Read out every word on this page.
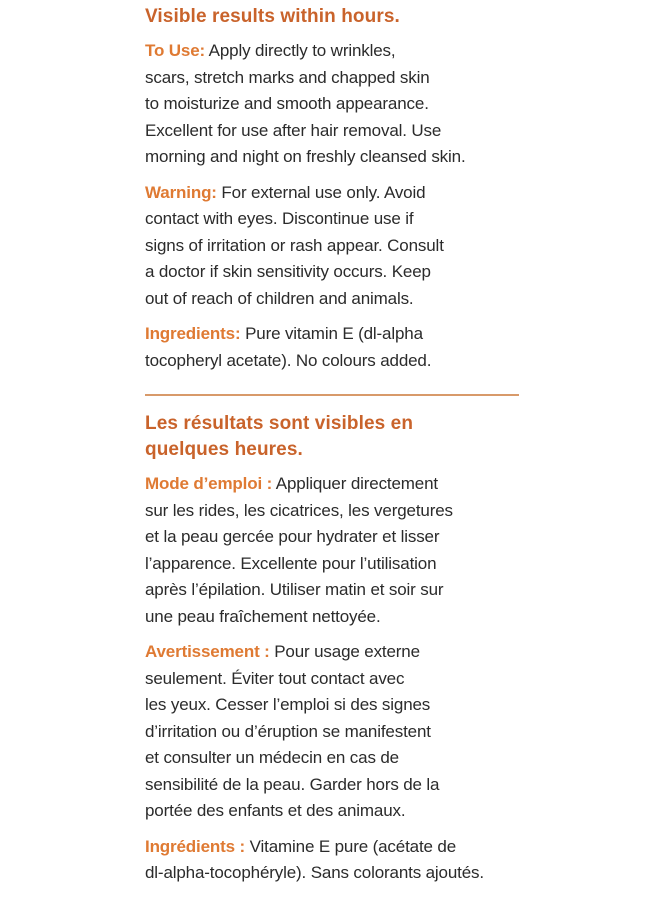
Visible results within hours.

To Use: Apply directly to wrinkles,
scars, stretch marks and chapped skin
to moisturize and smooth appearance.
Excellent for use after hair removal. Use
morning and night on freshly cleansed skin.

Warning: For external use only. Avoid
contact with eyes. Discontinue use if
signs of irritation or rash appear. Consult
a doctor if skin sensitivity occurs. Keep
out of reach of children and animals.

Ingredients: Pure vitamin E (dl-alpha
tocopheryl acetate). No colours added.

Les résultats sont visibles en
quelques heures.

Mode d’emploi : Appliquer directement
sur les rides, les cicatrices, les vergetures
et la peau gercée pour hydrater et lisser
l’apparence. Excellente pour l’utilisation
après l’épilation. Utiliser matin et soir sur
une peau fraîchement nettoyée.

Avertissement : Pour usage externe
seulement. Éviter tout contact avec
les yeux. Cesser l’emploi si des signes
d’irritation ou d’éruption se manifestent
et consulter un médecin en cas de
sensibilité de la peau. Garder hors de la
portée des enfants et des animaux.

Ingrédients : Vitamine E pure (acétate de
dl-alpha-tocophéryle). Sans colorants ajoutés.
